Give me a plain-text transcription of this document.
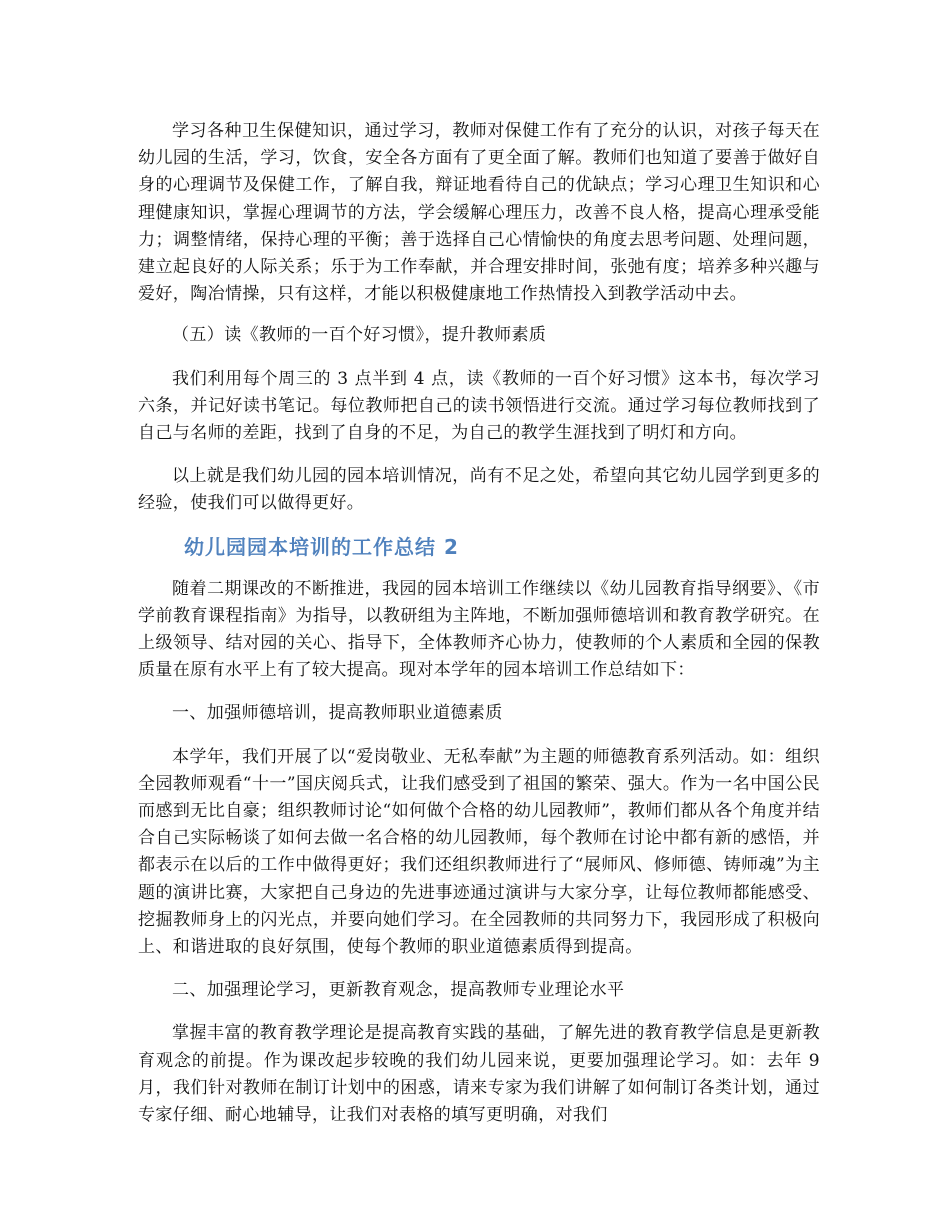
学习各种卫生保健知识，通过学习，教师对保健工作有了充分的认识，对孩子每天在幼儿园的生活，学习，饮食，安全各方面有了更全面了解。教师们也知道了要善于做好自身的心理调节及保健工作，了解自我，辩证地看待自己的优缺点；学习心理卫生知识和心理健康知识，掌握心理调节的方法，学会缓解心理压力，改善不良人格，提高心理承受能力；调整情绪，保持心理的平衡；善于选择自己心情愉快的角度去思考问题、处理问题，建立起良好的人际关系；乐于为工作奉献，并合理安排时间，张弛有度；培养多种兴趣与爱好，陶冶情操，只有这样，才能以积极健康地工作热情投入到教学活动中去。

（五）读《教师的一百个好习惯》，提升教师素质

我们利用每个周三的 3 点半到 4 点，读《教师的一百个好习惯》这本书，每次学习六条，并记好读书笔记。每位教师把自己的读书领悟进行交流。通过学习每位教师找到了自己与名师的差距，找到了自身的不足，为自己的教学生涯找到了明灯和方向。

以上就是我们幼儿园的园本培训情况，尚有不足之处，希望向其它幼儿园学到更多的经验，使我们可以做得更好。

幼儿园园本培训的工作总结 2

随着二期课改的不断推进，我园的园本培训工作继续以《幼儿园教育指导纲要》、《市学前教育课程指南》为指导，以教研组为主阵地，不断加强师德培训和教育教学研究。在上级领导、结对园的关心、指导下，全体教师齐心协力，使教师的个人素质和全园的保教质量在原有水平上有了较大提高。现对本学年的园本培训工作总结如下：

一、加强师德培训，提高教师职业道德素质

本学年，我们开展了以“爱岗敬业、无私奉献”为主题的师德教育系列活动。如：组织全园教师观看“十一”国庆阅兵式，让我们感受到了祖国的繁荣、强大。作为一名中国公民而感到无比自豪；组织教师讨论“如何做个合格的幼儿园教师”，教师们都从各个角度并结合自己实际畅谈了如何去做一名合格的幼儿园教师，每个教师在讨论中都有新的感悟，并都表示在以后的工作中做得更好；我们还组织教师进行了“展师风、修师德、铸师魂”为主题的演讲比赛，大家把自己身边的先进事迹通过演讲与大家分享，让每位教师都能感受、挖掘教师身上的闪光点，并要向她们学习。在全园教师的共同努力下，我园形成了积极向上、和谐进取的良好氛围，使每个教师的职业道德素质得到提高。

二、加强理论学习，更新教育观念，提高教师专业理论水平

掌握丰富的教育教学理论是提高教育实践的基础，了解先进的教育教学信息是更新教育观念的前提。作为课改起步较晚的我们幼儿园来说，更要加强理论学习。如：去年 9 月，我们针对教师在制订计划中的困惑，请来专家为我们讲解了如何制订各类计划，通过专家仔细、耐心地辅导，让我们对表格的填写更明确，对我们
